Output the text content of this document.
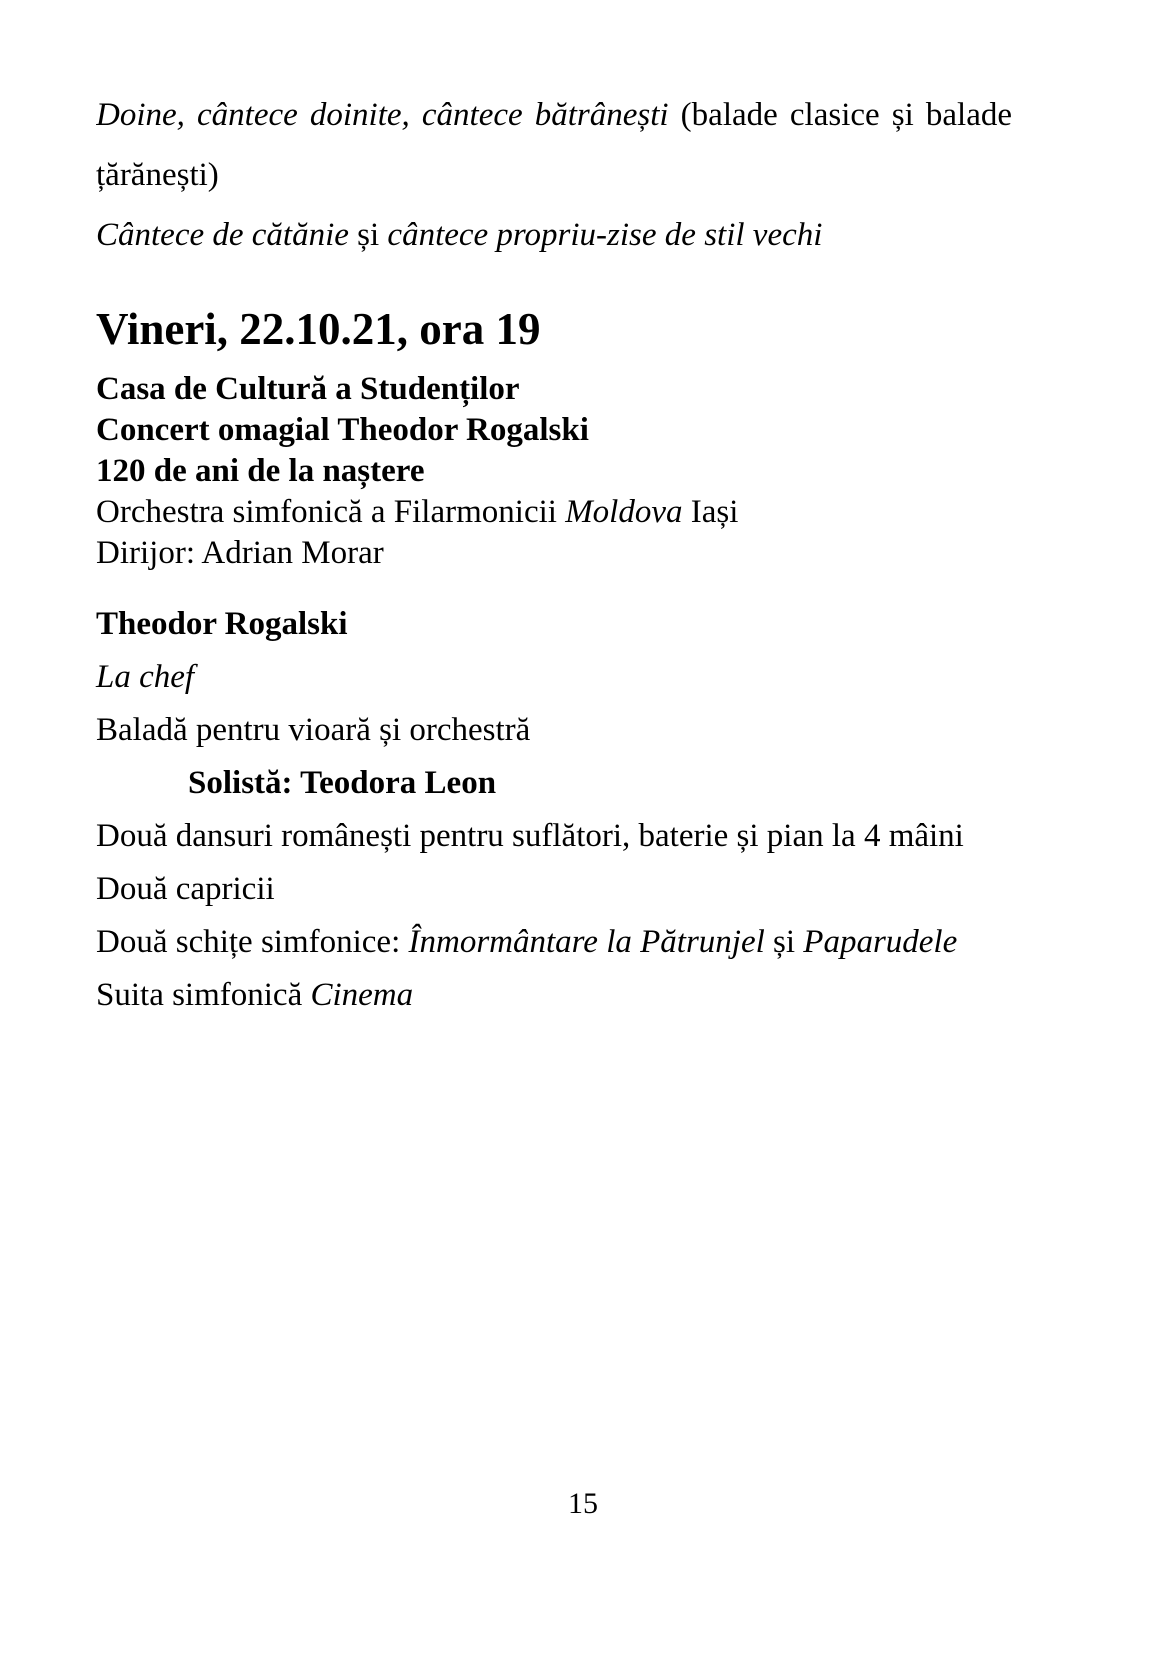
Doine, cântece doinite, cântece bătrânești (balade clasice și balade
țărănești)
Cântece de cătănie și cântece propriu-zise de stil vechi
Vineri, 22.10.21, ora 19
Casa de Cultură a Studenților
Concert omagial Theodor Rogalski
120 de ani de la naștere
Orchestra simfonică a Filarmonicii Moldova Iași
Dirijor: Adrian Morar

Theodor Rogalski

La chef

Baladă pentru vioară și orchestră

Solistă: Teodora Leon

Două dansuri românești pentru suflători, baterie și pian la 4 mâini

Două capricii

Două schițe simfonice: Înmormântare la Pătrunjel și Paparudele

Suita simfonică Cinema

15
